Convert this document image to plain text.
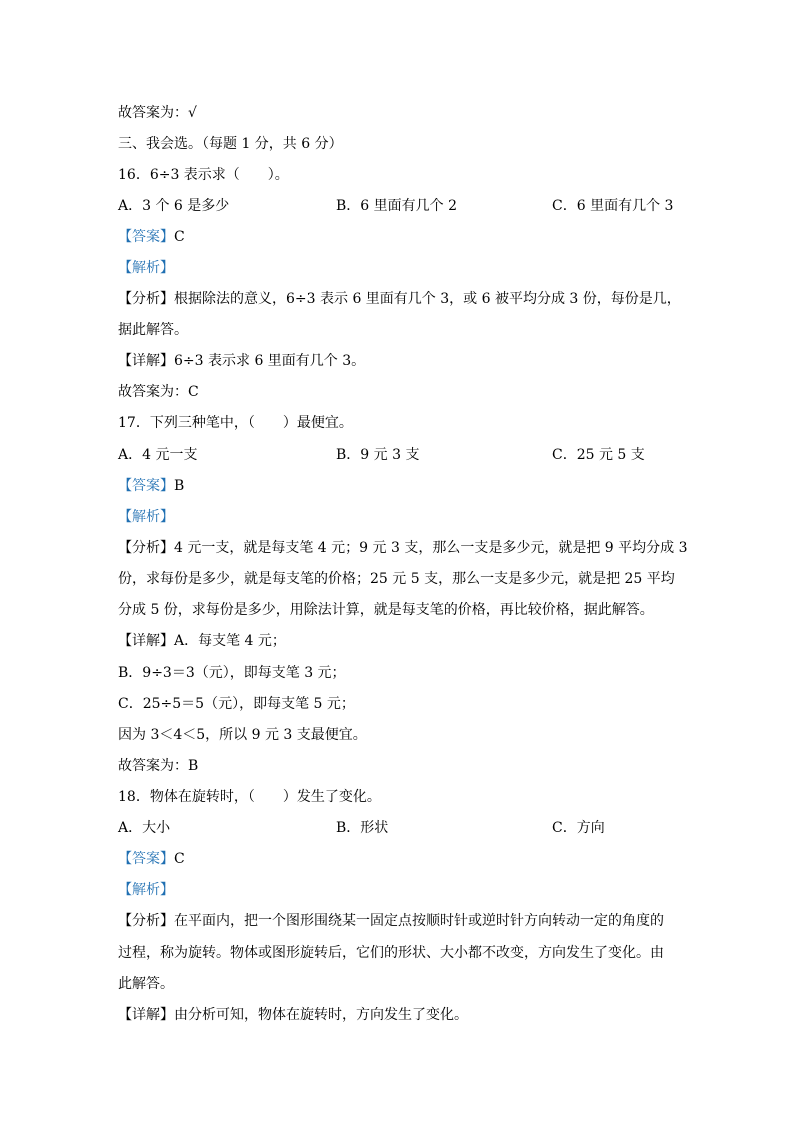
故答案为：√
三、我会选。（每题 1 分，共 6 分）
16．6÷3 表示求（　　）。
A．3 个 6 是多少	B．6 里面有几个 2	C．6 里面有几个 3
【答案】C
【解析】
【分析】根据除法的意义，6÷3 表示 6 里面有几个 3，或 6 被平均分成 3 份，每份是几，
据此解答。
【详解】6÷3 表示求 6 里面有几个 3。
故答案为：C
17．下列三种笔中，（　　）最便宜。
A．4 元一支	B．9 元 3 支	C．25 元 5 支
【答案】B
【解析】
【分析】4 元一支，就是每支笔 4 元；9 元 3 支，那么一支是多少元，就是把 9 平均分成 3
份，求每份是多少，就是每支笔的价格；25 元 5 支，那么一支是多少元，就是把 25 平均
分成 5 份，求每份是多少，用除法计算，就是每支笔的价格，再比较价格，据此解答。
【详解】A．每支笔 4 元；
B．9÷3＝3（元），即每支笔 3 元；
C．25÷5＝5（元），即每支笔 5 元；
因为 3＜4＜5，所以 9 元 3 支最便宜。
故答案为：B
18．物体在旋转时，（　　）发生了变化。
A．大小	B．形状	C．方向
【答案】C
【解析】
【分析】在平面内，把一个图形围绕某一固定点按顺时针或逆时针方向转动一定的角度的
过程，称为旋转。物体或图形旋转后，它们的形状、大小都不改变，方向发生了变化。由
此解答。
【详解】由分析可知，物体在旋转时，方向发生了变化。
